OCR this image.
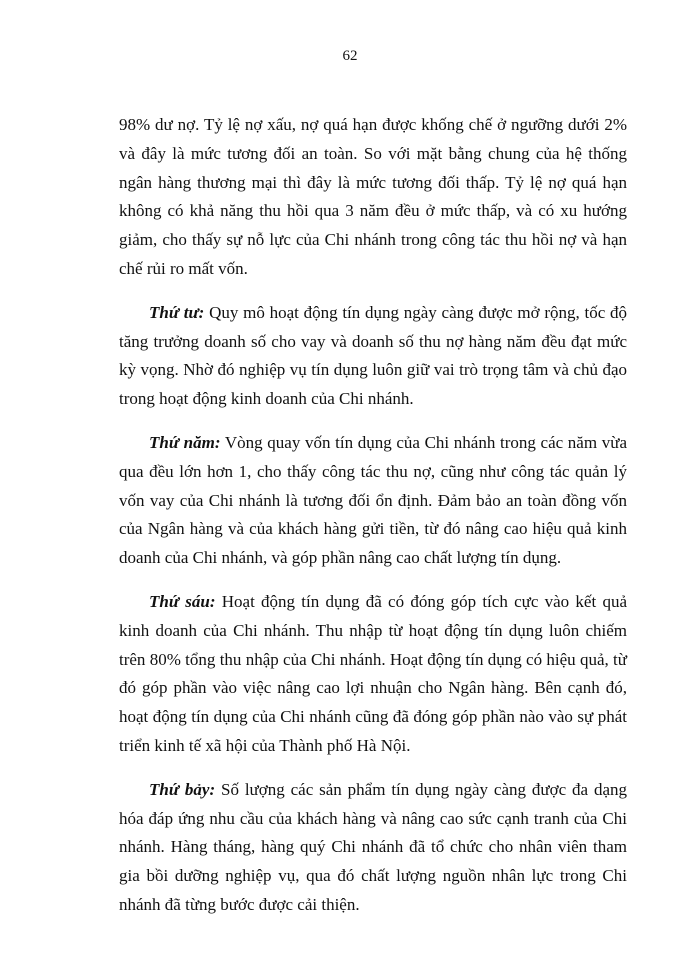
62

98% dư nợ. Tỷ lệ nợ xấu, nợ quá hạn được khống chế ở ngưỡng dưới 2% và đây là mức tương đối an toàn. So với mặt bằng chung của hệ thống ngân hàng thương mại thì đây là mức tương đối thấp. Tỷ lệ nợ quá hạn không có khả năng thu hồi qua 3 năm đều ở mức thấp, và có xu hướng giảm, cho thấy sự nỗ lực của Chi nhánh trong công tác thu hồi nợ và hạn chế rủi ro mất vốn.

Thứ tư: Quy mô hoạt động tín dụng ngày càng được mở rộng, tốc độ tăng trưởng doanh số cho vay và doanh số thu nợ hàng năm đều đạt mức kỳ vọng. Nhờ đó nghiệp vụ tín dụng luôn giữ vai trò trọng tâm và chủ đạo trong hoạt động kinh doanh của Chi nhánh.

Thứ năm: Vòng quay vốn tín dụng của Chi nhánh trong các năm vừa qua đều lớn hơn 1, cho thấy công tác thu nợ, cũng như công tác quản lý vốn vay của Chi nhánh là tương đối ổn định. Đảm bảo an toàn đồng vốn của Ngân hàng và của khách hàng gửi tiền, từ đó nâng cao hiệu quả kinh doanh của Chi nhánh, và góp phần nâng cao chất lượng tín dụng.

Thứ sáu: Hoạt động tín dụng đã có đóng góp tích cực vào kết quả kinh doanh của Chi nhánh. Thu nhập từ hoạt động tín dụng luôn chiếm trên 80% tổng thu nhập của Chi nhánh. Hoạt động tín dụng có hiệu quả, từ đó góp phần vào việc nâng cao lợi nhuận cho Ngân hàng. Bên cạnh đó, hoạt động tín dụng của Chi nhánh cũng đã đóng góp phần nào vào sự phát triển kinh tế xã hội của Thành phố Hà Nội.

Thứ bảy: Số lượng các sản phẩm tín dụng ngày càng được đa dạng hóa đáp ứng nhu cầu của khách hàng và nâng cao sức cạnh tranh của Chi nhánh. Hàng tháng, hàng quý Chi nhánh đã tổ chức cho nhân viên tham gia bồi dưỡng nghiệp vụ, qua đó chất lượng nguồn nhân lực trong Chi nhánh đã từng bước được cải thiện.
